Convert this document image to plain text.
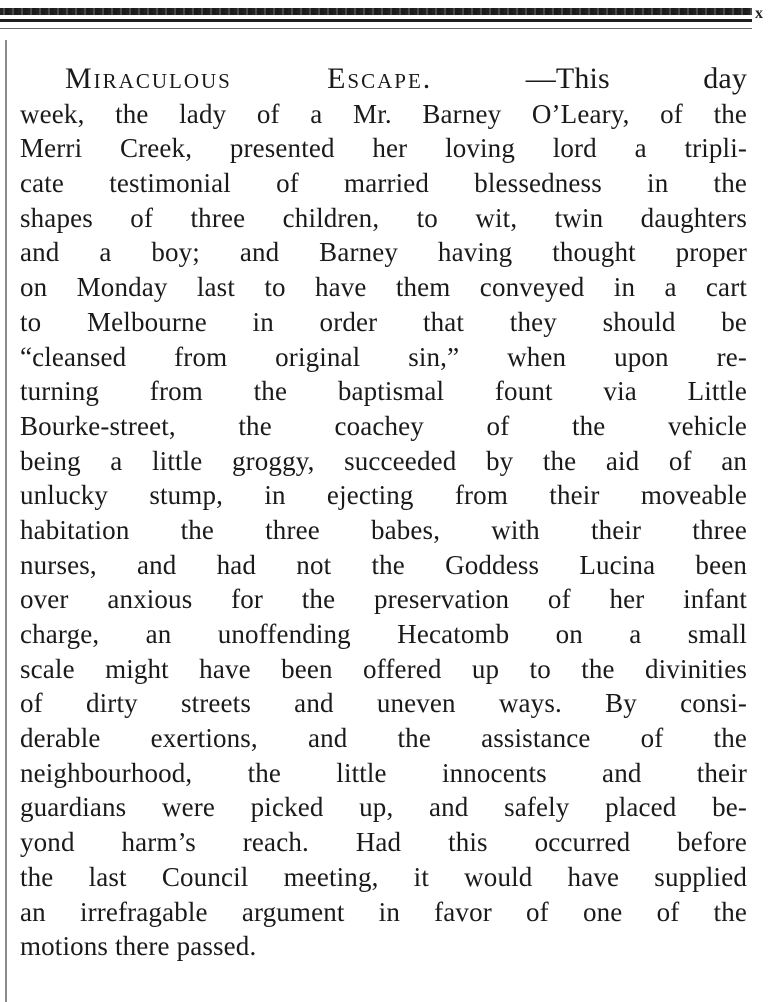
x
Miraculous Escape.	—This day
week, the lady of a Mr. Barney O’Leary, of the
Merri Creek, presented her loving lord a tripli-
cate testimonial of married blessedness in the
shapes of three children, to wit, twin daughters
and a boy; and Barney having thought proper
on Monday last to have them conveyed in a cart
to Melbourne in order that they should be
“cleansed from original sin,” when upon re-
turning from the baptismal fount via Little
Bourke-street, the coachey of the vehicle
being a little groggy, succeeded by the aid of an
unlucky stump, in ejecting from their moveable
habitation the three babes, with their three
nurses, and had not the Goddess Lucina been
over anxious for the preservation of her infant
charge, an unoffending Hecatomb on a small
scale might have been offered up to the divinities
of dirty streets and uneven ways. By consi-
derable exertions, and the assistance of the
neighbourhood, the little innocents and their
guardians were picked up, and safely placed be-
yond harm’s reach. Had this occurred before
the last Council meeting, it would have supplied
an irrefragable argument in favor of one of the
motions there passed.
